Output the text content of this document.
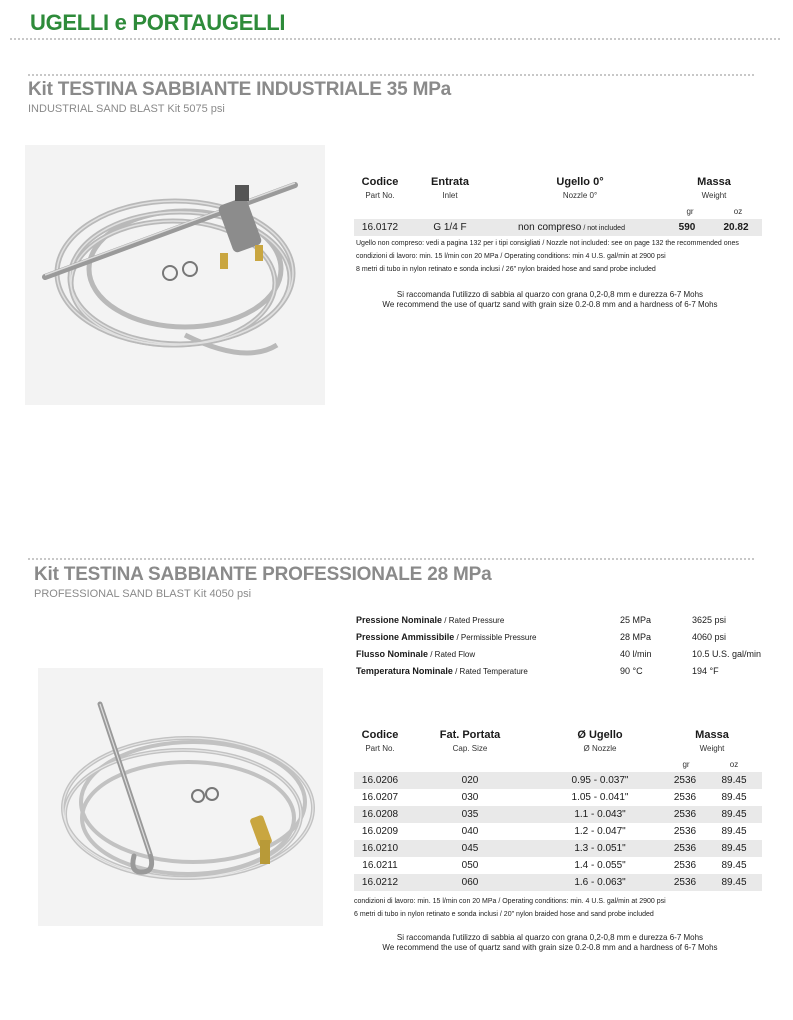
UGELLI e PORTAUGELLI
Kit TESTINA SABBIANTE INDUSTRIALE 35 MPa
INDUSTRIAL SAND BLAST Kit 5075 psi
Codice
Part No.
Entrata
Inlet
Ugello 0°
Nozzle 0°
Massa
Weight
gr	oz
16.0172	G 1/4 F	non compreso / not included	590	20.82
Ugello non compreso: vedi a pagina 132 per i tipi consigliati / Nozzle not included: see on page 132 the recommended ones
condizioni di lavoro: min. 15 l/min con 20 MPa / Operating conditions: min 4 U.S. gal/min at 2900 psi
8 metri di tubo in nylon retinato e sonda inclusi / 26" nylon braided hose and sand probe included
Si raccomanda l'utilizzo di sabbia al quarzo con grana 0,2-0,8 mm e durezza 6-7 Mohs
We recommend the use of quartz sand with grain size 0.2-0.8 mm and a hardness of 6-7 Mohs
Kit TESTINA SABBIANTE PROFESSIONALE 28 MPa
PROFESSIONAL SAND BLAST Kit 4050 psi
Pressione Nominale / Rated Pressure	25 MPa	3625 psi
Pressione Ammissibile / Permissible Pressure	28 MPa	4060 psi
Flusso Nominale / Rated Flow	40 l/min	10.5 U.S. gal/min
Temperatura Nominale / Rated Temperature	90 °C	194 °F
Codice
Part No.
Fat. Portata
Cap. Size
Ø Ugello
Ø Nozzle
Massa
Weight
gr	oz
16.0206	020	0.95 - 0.037"	2536	89.45
16.0207	030	1.05 - 0.041"	2536	89.45
16.0208	035	1.1 - 0.043"	2536	89.45
16.0209	040	1.2 - 0.047"	2536	89.45
16.0210	045	1.3 - 0.051"	2536	89.45
16.0211	050	1.4 - 0.055"	2536	89.45
16.0212	060	1.6 - 0.063"	2536	89.45
condizioni di lavoro: min. 15 l/min con 20 MPa / Operating conditions: min. 4 U.S. gal/min at 2900 psi
6 metri di tubo in nylon retinato e sonda inclusi / 20" nylon braided hose and sand probe included
Si raccomanda l'utilizzo di sabbia al quarzo con grana 0,2-0,8 mm e durezza 6-7 Mohs
We recommend the use of quartz sand with grain size 0.2-0.8 mm and a hardness of 6-7 Mohs
